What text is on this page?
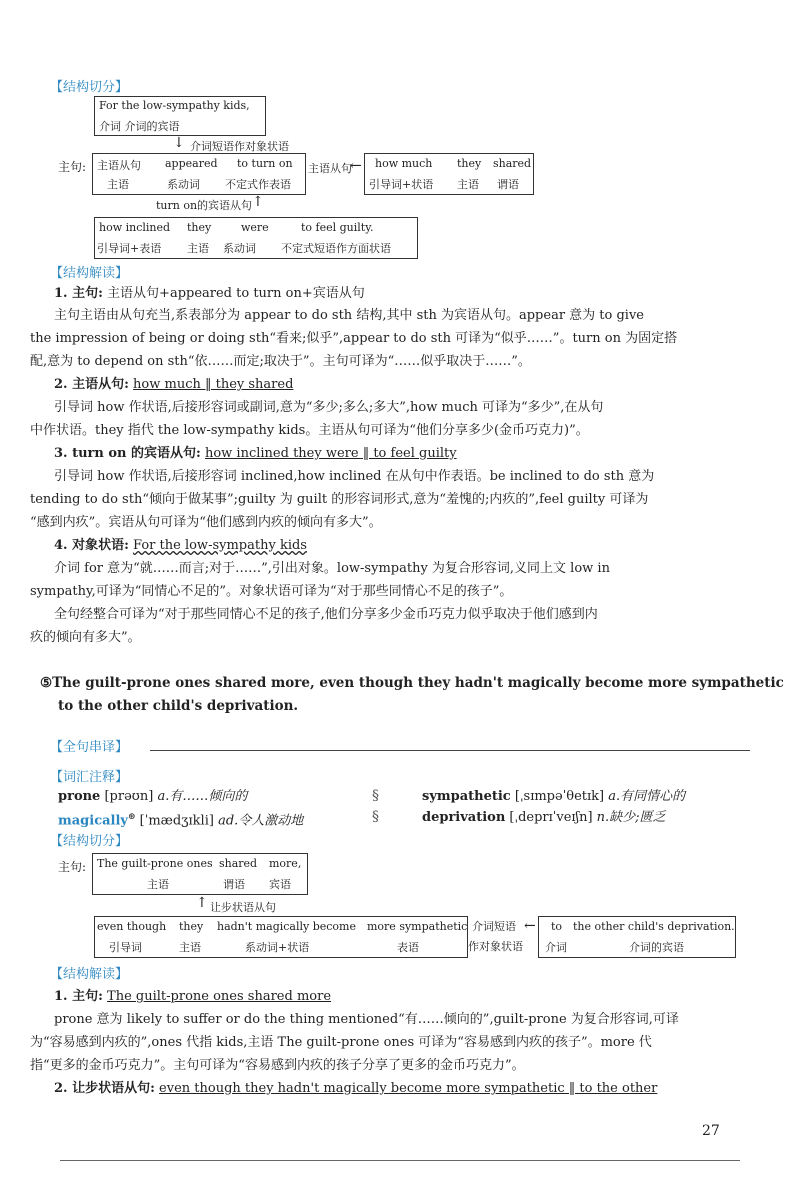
【结构切分】
For the low-sympathy kids,
介词 介词的宾语
↓ 介词短语作对象状语
主句: 主语从句
主语
appeared
系动词
to turn on
不定式作表语
主语从句
← how much
引导词+状语
they
主语
shared
谓语
turn on的宾语从句 ↑
how inclined
引导词+表语
they
主语
were
系动词
to feel guilty.
不定式短语作方面状语
【结构解读】
1. 主句: 主语从句+appeared to turn on+宾语从句
主句主语由从句充当,系表部分为 appear to do sth 结构,其中 sth 为宾语从句。appear 意为 to give
the impression of being or doing sth“看来;似乎”,appear to do sth 可译为“似乎……”。turn on 为固定搭
配,意为 to depend on sth“依……而定;取决于”。主句可译为“……似乎取决于……”。
2. 主语从句: how much ‖ they shared
引导词 how 作状语,后接形容词或副词,意为“多少;多么;多大”,how much 可译为“多少”,在从句
中作状语。they 指代 the low-sympathy kids。主语从句可译为“他们分享多少(金币巧克力)”。
3. turn on 的宾语从句: how inclined they were ‖ to feel guilty
引导词 how 作状语,后接形容词 inclined,how inclined 在从句中作表语。be inclined to do sth 意为
tending to do sth“倾向于做某事”;guilty 为 guilt 的形容词形式,意为“羞愧的;内疚的”,feel guilty 可译为
“感到内疚”。宾语从句可译为“他们感到内疚的倾向有多大”。
4. 对象状语: For the low-sympathy kids
介词 for 意为“就……而言;对于……”,引出对象。low-sympathy 为复合形容词,义同上文 low in
sympathy,可译为“同情心不足的”。对象状语可译为“对于那些同情心不足的孩子”。
全句经整合可译为“对于那些同情心不足的孩子,他们分享多少金币巧克力似乎取决于他们感到内
疚的倾向有多大”。
⑤The guilt-prone ones shared more, even though they hadn't magically become more sympathetic
to the other child's deprivation.
【全句串译】
【词汇注释】
prone [prəʊn] a.有……倾向的
magically⊛ [ˈmædʒɪkli] ad.令人激动地
§
§
sympathetic [ˌsɪmpəˈθetɪk] a.有同情心的
deprivation [ˌdeprɪˈveɪʃn] n.缺少;匮乏
【结构切分】
主句: The guilt-prone ones
主语
shared
谓语
more,
宾语
↑ 让步状语从句
even though
引导词
they
主语
hadn't magically become
系动词+状语
more sympathetic
表语
介词短语
作对象状语
← to
介词
the other child's deprivation.
介词的宾语
【结构解读】
1. 主句: The guilt-prone ones shared more
prone 意为 likely to suffer or do the thing mentioned“有……倾向的”,guilt-prone 为复合形容词,可译
为“容易感到内疚的”,ones 代指 kids,主语 The guilt-prone ones 可译为“容易感到内疚的孩子”。more 代
指“更多的金币巧克力”。主句可译为“容易感到内疚的孩子分享了更多的金币巧克力”。
2. 让步状语从句: even though they hadn't magically become more sympathetic ‖ to the other
27
